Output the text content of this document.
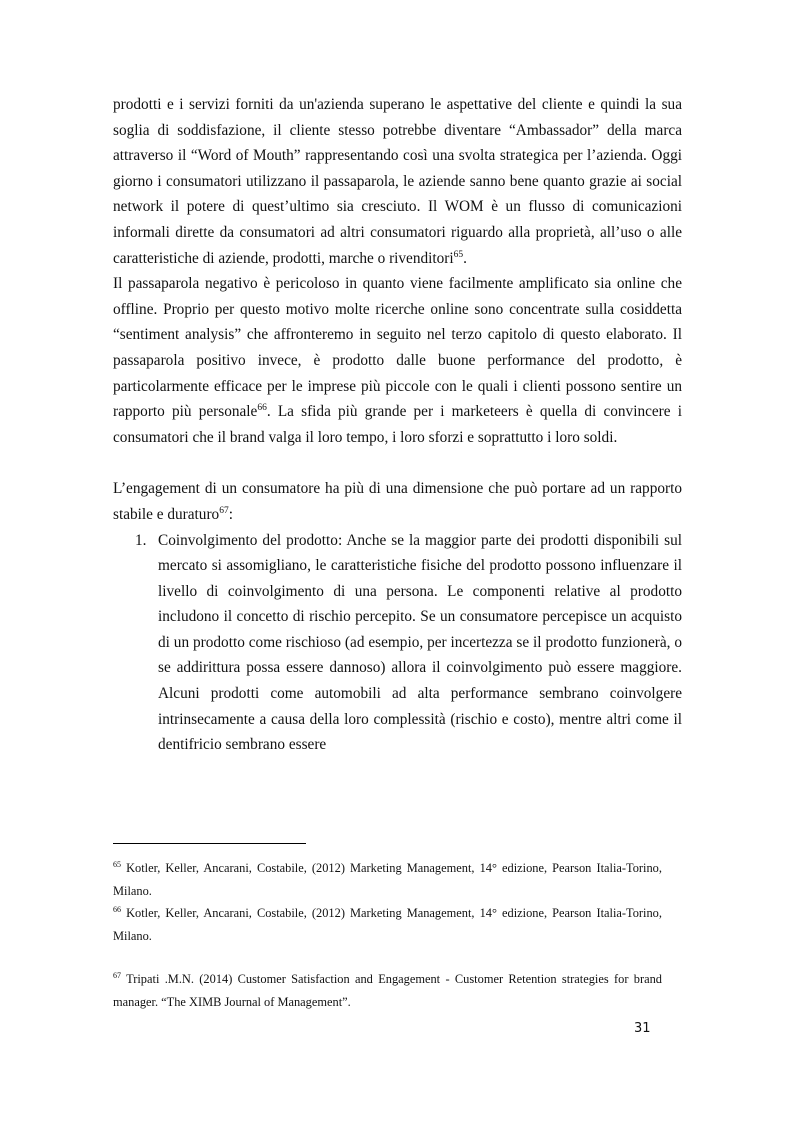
prodotti e i servizi forniti da un'azienda superano le aspettative del cliente e quindi la sua soglia di soddisfazione, il cliente stesso potrebbe diventare “Ambassador” della marca attraverso il “Word of Mouth” rappresentando così una svolta strategica per l’azienda. Oggi giorno i consumatori utilizzano il passaparola, le aziende sanno bene quanto grazie ai social network il potere di quest’ultimo sia cresciuto. Il WOM è un flusso di comunicazioni informali dirette da consumatori ad altri consumatori riguardo alla proprietà, all’uso o alle caratteristiche di aziende, prodotti, marche o rivenditori$^{65}$.

Il passaparola negativo è pericoloso in quanto viene facilmente amplificato sia online che offline. Proprio per questo motivo molte ricerche online sono concentrate sulla cosiddetta “sentiment analysis” che affronteremo in seguito nel terzo capitolo di questo elaborato. Il passaparola positivo invece, è prodotto dalle buone performance del prodotto, è particolarmente efficace per le imprese più piccole con le quali i clienti possono sentire un rapporto più personale$^{66}$. La sfida più grande per i marketeers è quella di convincere i consumatori che il brand valga il loro tempo, i loro sforzi e soprattutto i loro soldi.

L’engagement di un consumatore ha più di una dimensione che può portare ad un rapporto stabile e duraturo$^{67}$:

1. Coinvolgimento del prodotto: Anche se la maggior parte dei prodotti disponibili sul mercato si assomigliano, le caratteristiche fisiche del prodotto possono influenzare il livello di coinvolgimento di una persona. Le componenti relative al prodotto includono il concetto di rischio percepito. Se un consumatore percepisce un acquisto di un prodotto come rischioso (ad esempio, per incertezza se il prodotto funzionerà, o se addirittura possa essere dannoso) allora il coinvolgimento può essere maggiore. Alcuni prodotti come automobili ad alta performance sembrano coinvolgere intrinsecamente a causa della loro complessità (rischio e costo), mentre altri come il dentifricio sembrano essere

$^{65}$ Kotler, Keller, Ancarani, Costabile, (2012) Marketing Management, 14° edizione, Pearson Italia-Torino, Milano.

$^{66}$ Kotler, Keller, Ancarani, Costabile, (2012) Marketing Management, 14° edizione, Pearson Italia-Torino, Milano.

$^{67}$ Tripati .M.N. (2014) Customer Satisfaction and Engagement - Customer Retention strategies for brand manager. “The XIMB Journal of Management”.

31
